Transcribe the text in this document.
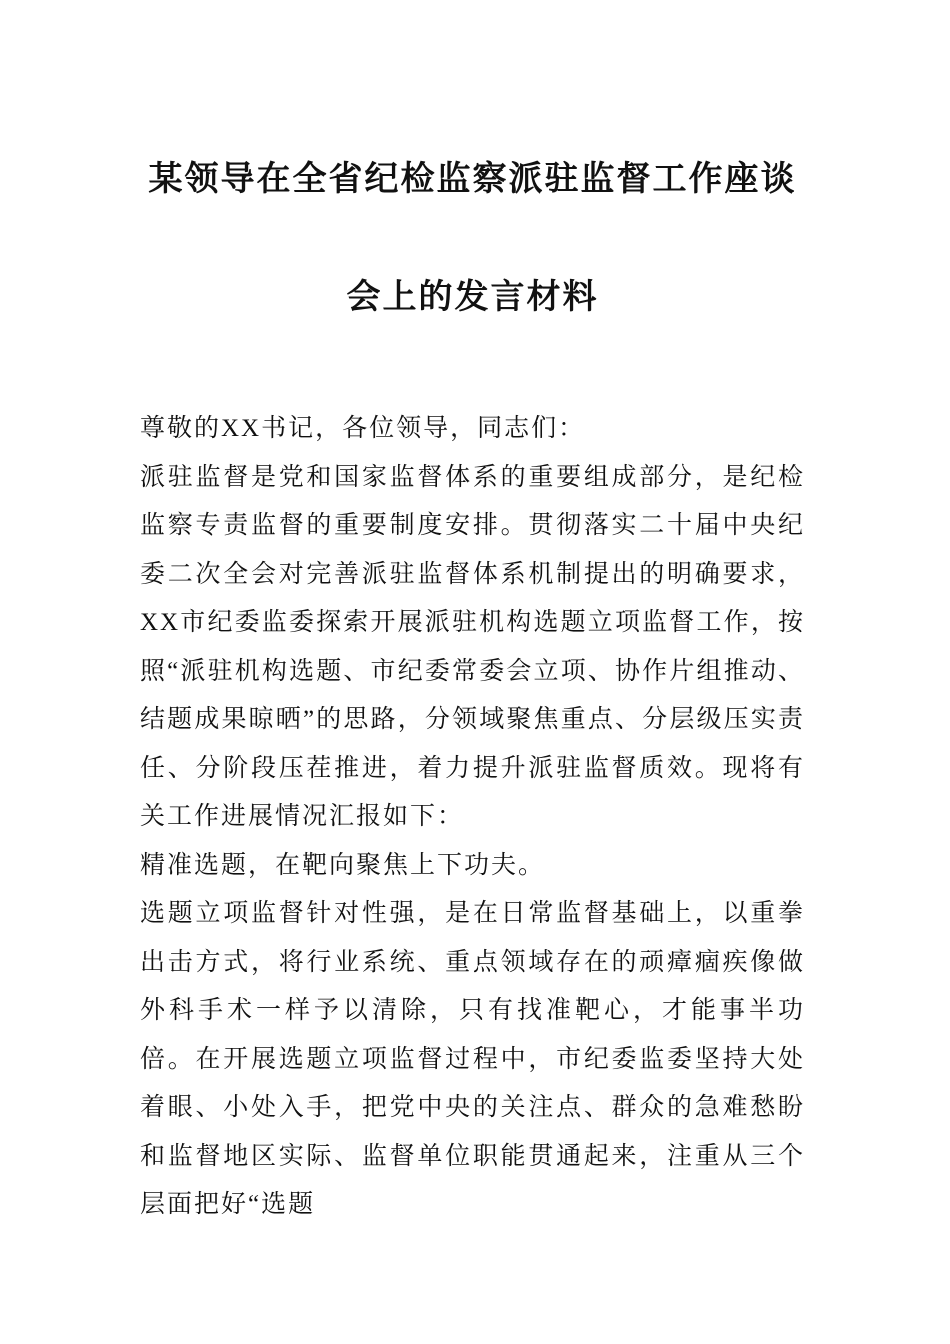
某领导在全省纪检监察派驻监督工作座谈
会上的发言材料

尊敬的XX书记，各位领导，同志们：

派驻监督是党和国家监督体系的重要组成部分，是纪检监察专责监督的重要制度安排。贯彻落实二十届中央纪委二次全会对完善派驻监督体系机制提出的明确要求，XX市纪委监委探索开展派驻机构选题立项监督工作，按照“派驻机构选题、市纪委常委会立项、协作片组推动、结题成果晾晒”的思路，分领域聚焦重点、分层级压实责任、分阶段压茬推进，着力提升派驻监督质效。现将有关工作进展情况汇报如下：

精准选题，在靶向聚焦上下功夫。

选题立项监督针对性强，是在日常监督基础上，以重拳出击方式，将行业系统、重点领域存在的顽瘴痼疾像做外科手术一样予以清除，只有找准靶心，才能事半功倍。在开展选题立项监督过程中，市纪委监委坚持大处着眼、小处入手，把党中央的关注点、群众的急难愁盼和监督地区实际、监督单位职能贯通起来，注重从三个层面把好“选题
